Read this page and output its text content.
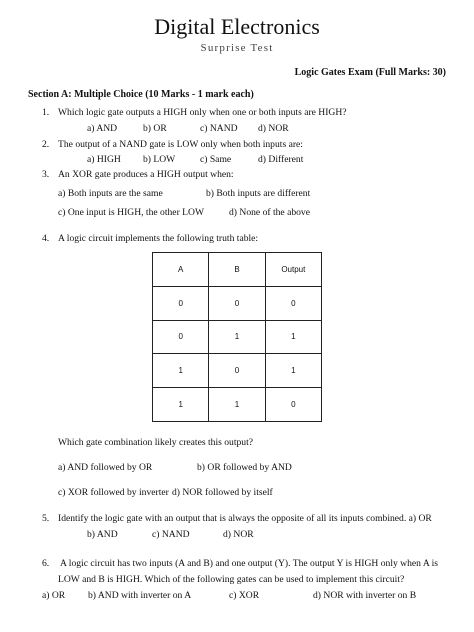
Digital Electronics
Surprise Test
Logic Gates Exam (Full Marks: 30)
Section A: Multiple Choice (10 Marks - 1 mark each)
1. Which logic gate outputs a HIGH only when one or both inputs are HIGH?
a) AND	b) OR	c) NAND d) NOR
2. The output of a NAND gate is LOW only when both inputs are:
a) HIGH b) LOW	c) Same	d) Different
3. An XOR gate produces a HIGH output when:
a) Both inputs are the same	b) Both inputs are different
c) One input is HIGH, the other LOW	d) None of the above
4. A logic circuit implements the following truth table:
A	B	Output
0	0	0
0	1	1
1	0	1
1	1	0
Which gate combination likely creates this output?
a) AND followed by OR	b) OR followed by AND
c) XOR followed by inverter d) NOR followed by itself
5. Identify the logic gate with an output that is always the opposite of all its inputs combined. a) OR
b) AND	c) NAND	d) NOR
6. A logic circuit has two inputs (A and B) and one output (Y). The output Y is HIGH only when A is
LOW and B is HIGH. Which of the following gates can be used to implement this circuit?
a) OR b) AND with inverter on A	c) XOR	d) NOR with inverter on B
